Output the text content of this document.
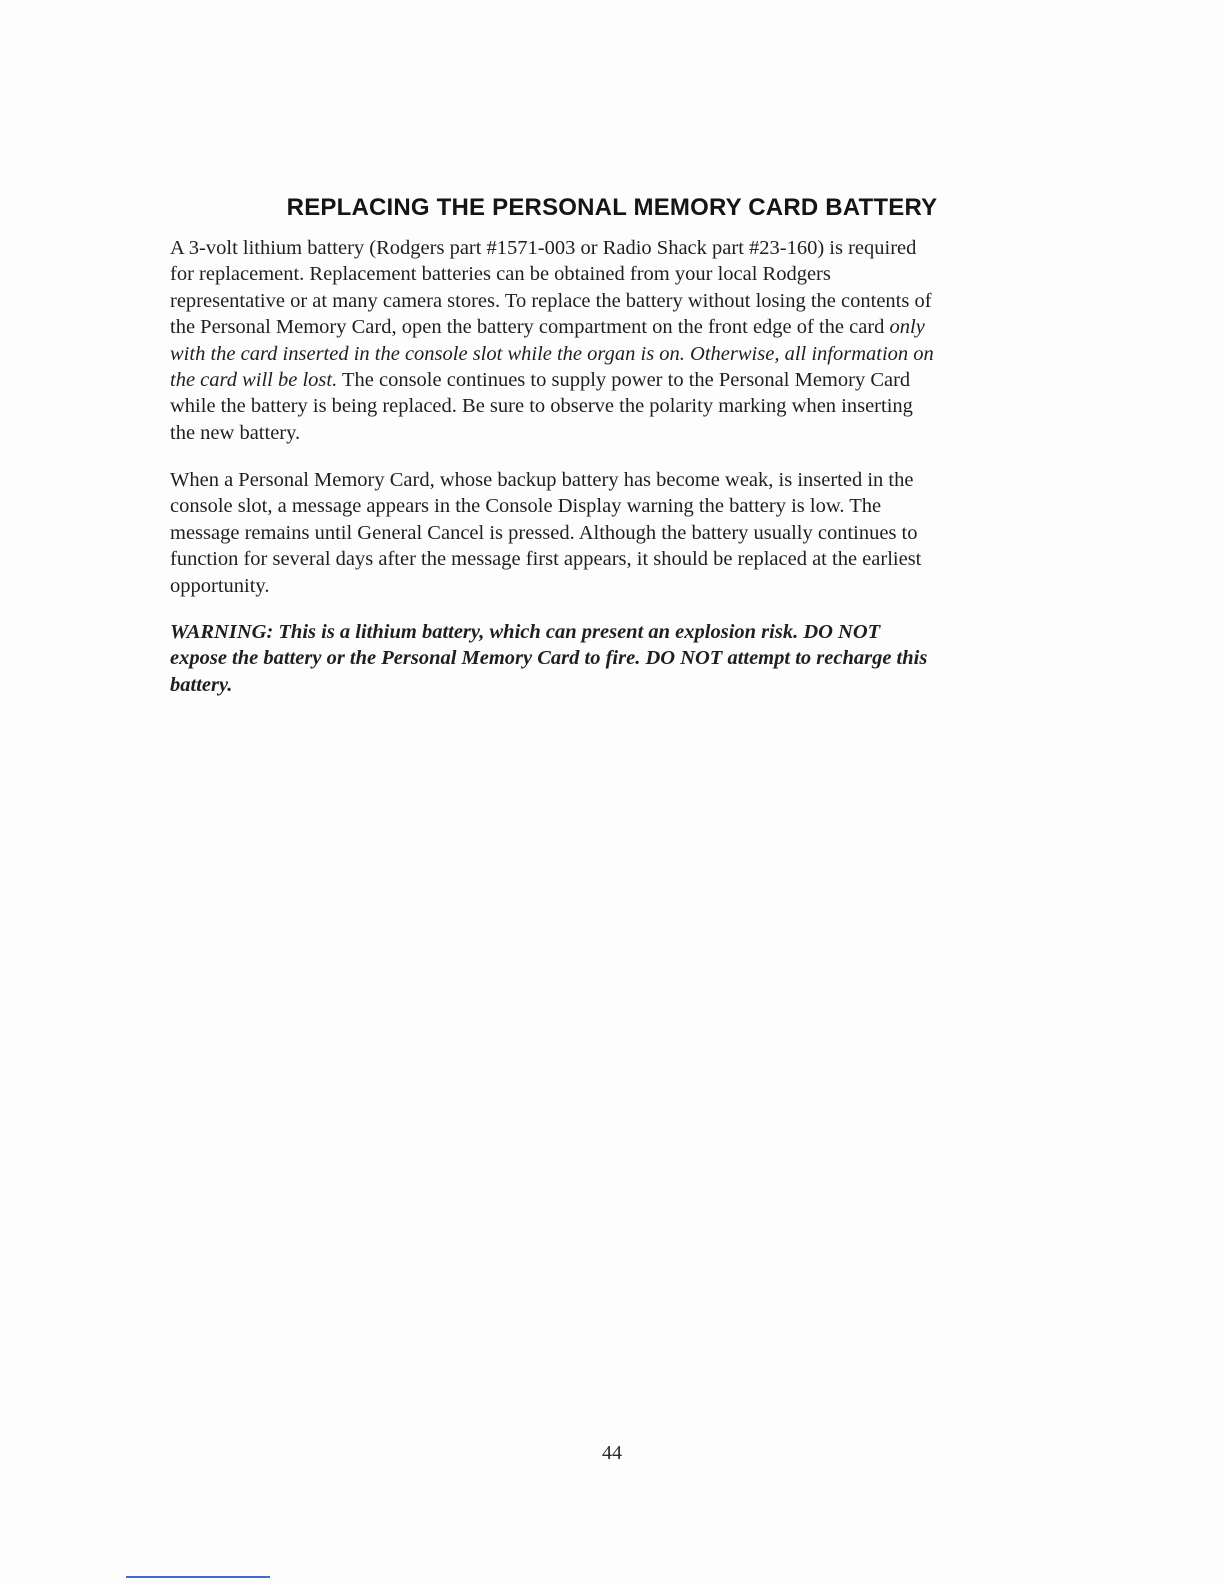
REPLACING THE PERSONAL MEMORY CARD BATTERY

A 3-volt lithium battery (Rodgers part #1571-003 or Radio Shack part #23-160) is required
for replacement. Replacement batteries can be obtained from your local Rodgers
representative or at many camera stores. To replace the battery without losing the contents of
the Personal Memory Card, open the battery compartment on the front edge of the card only
with the card inserted in the console slot while the organ is on. Otherwise, all information on
the card will be lost. The console continues to supply power to the Personal Memory Card
while the battery is being replaced. Be sure to observe the polarity marking when inserting
the new battery.

When a Personal Memory Card, whose backup battery has become weak, is inserted in the
console slot, a message appears in the Console Display warning the battery is low. The
message remains until General Cancel is pressed. Although the battery usually continues to
function for several days after the message first appears, it should be replaced at the earliest
opportunity.

WARNING: This is a lithium battery, which can present an explosion risk. DO NOT
expose the battery or the Personal Memory Card to fire. DO NOT attempt to recharge this
battery.

44
